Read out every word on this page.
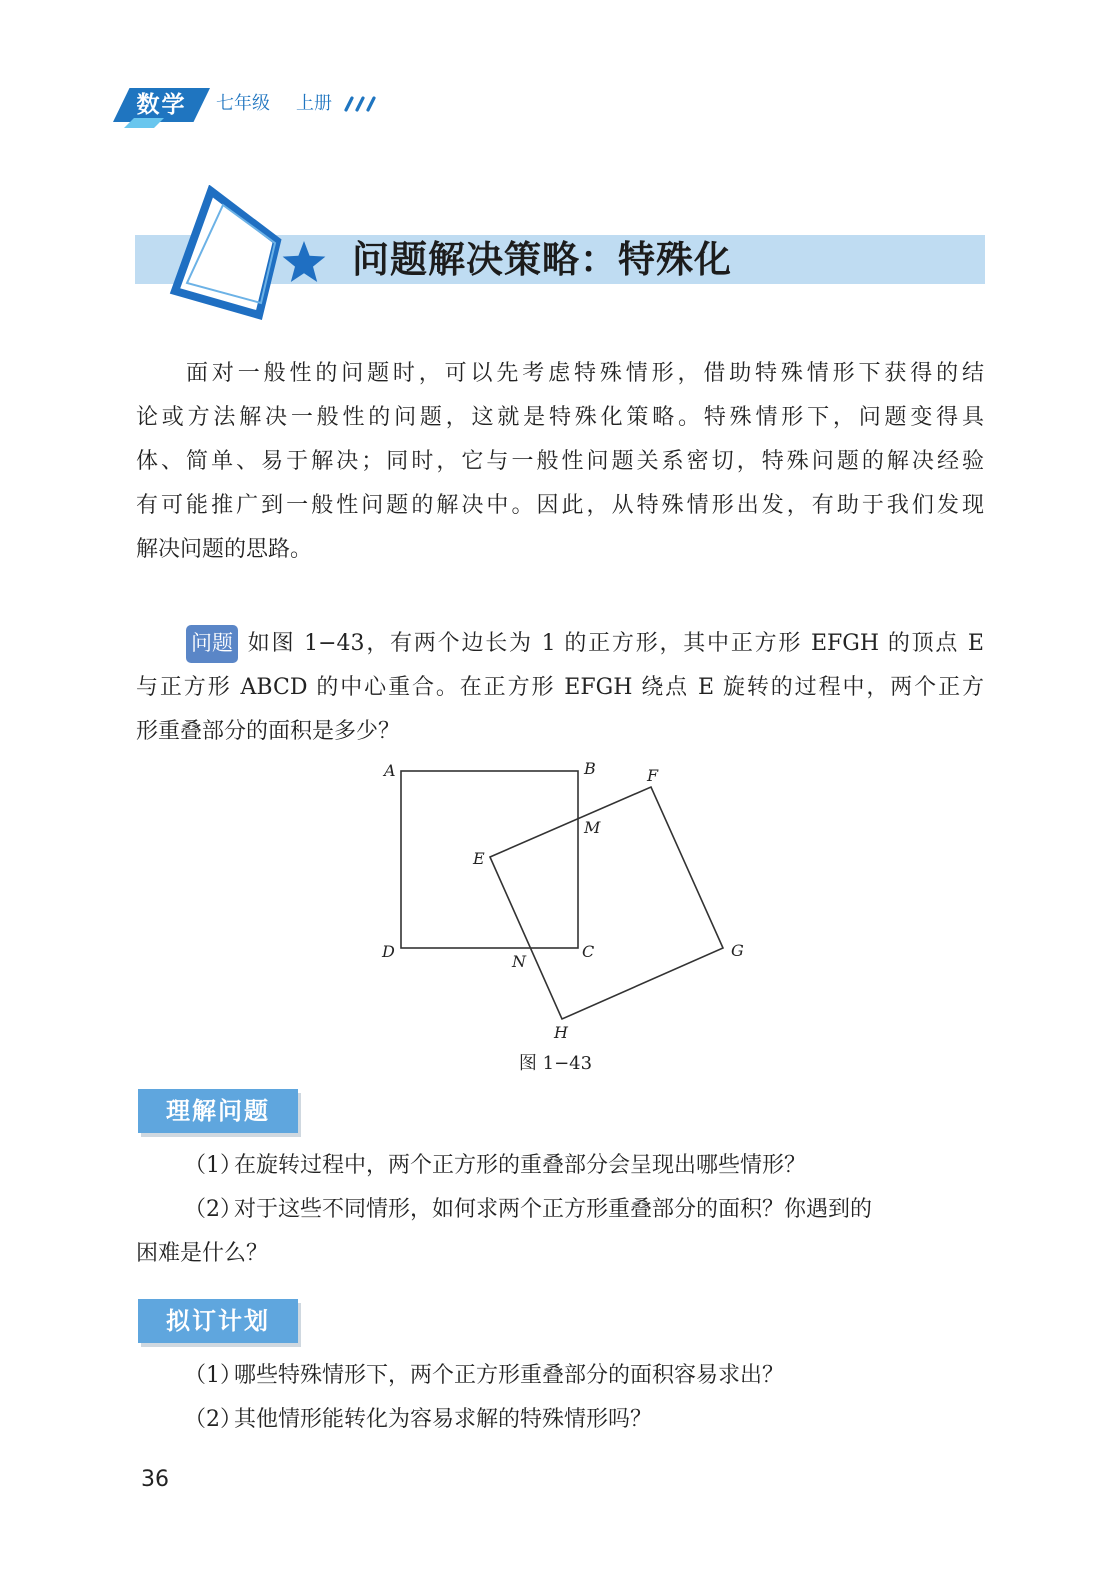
数学	七年级 上册
问题解决策略：特殊化
面对一般性的问题时，可以先考虑特殊情形，借助特殊情形下获得的结
论或方法解决一般性的问题，这就是特殊化策略。特殊情形下，问题变得具
体、简单、易于解决；同时，它与一般性问题关系密切，特殊问题的解决经验
有可能推广到一般性问题的解决中。因此，从特殊情形出发，有助于我们发现
解决问题的思路。
问题 如图 1−43，有两个边长为 1 的正方形，其中正方形 EFGH 的顶点 E
与正方形 ABCD 的中心重合。在正方形 EFGH 绕点 E 旋转的过程中，两个正方
形重叠部分的面积是多少？
A	B
C
D
E
F
G
H
M
N
图 1−43
理解问题
（1）在旋转过程中，两个正方形的重叠部分会呈现出哪些情形？
（2）对于这些不同情形，如何求两个正方形重叠部分的面积？你遇到的
困难是什么？
拟订计划
（1）哪些特殊情形下，两个正方形重叠部分的面积容易求出？
（2）其他情形能转化为容易求解的特殊情形吗？
36
